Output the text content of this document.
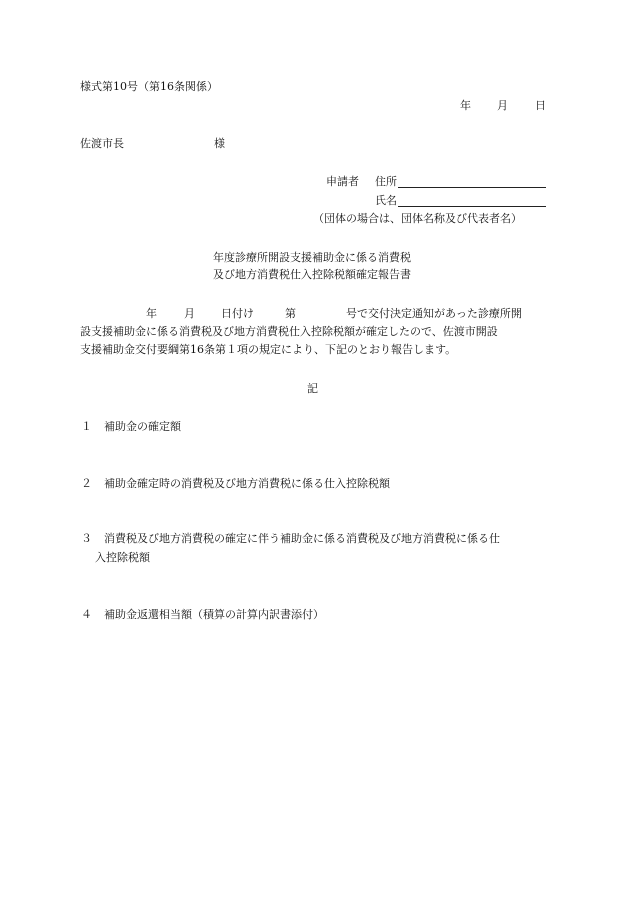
様式第10号（第16条関係）
年 月 日
佐渡市長	様
申請者 住所
氏名
（団体の場合は、団体名称及び代表者名）
年度診療所開設支援補助金に係る消費税
及び地方消費税仕入控除税額確定報告書
年 月 日付け	第	号で交付決定通知があった診療所開
設支援補助金に係る消費税及び地方消費税仕入控除税額が確定したので、佐渡市開設
支援補助金交付要綱第16条第１項の規定により、下記のとおり報告します。
記
１ 補助金の確定額
２ 補助金確定時の消費税及び地方消費税に係る仕入控除税額
３ 消費税及び地方消費税の確定に伴う補助金に係る消費税及び地方消費税に係る仕
入控除税額
４ 補助金返還相当額（積算の計算内訳書添付）
